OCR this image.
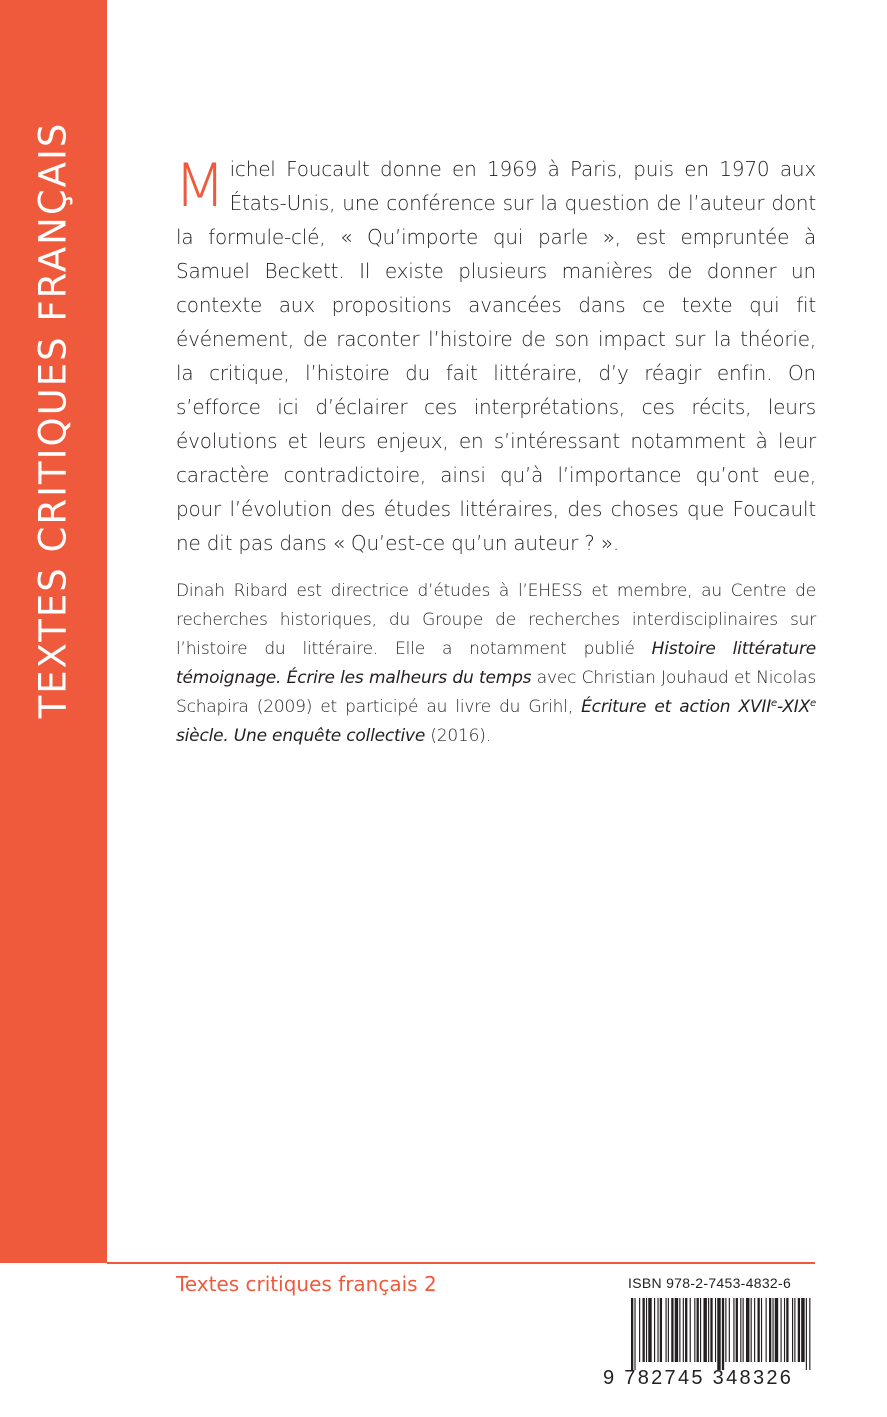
TEXTES CRITIQUES FRANÇAIS Michel Foucault donne en 1969 à Paris, puis en 1970 aux États-Unis, une conférence sur la question de l’auteur dont la formule-clé, « Qu’importe qui parle », est empruntée à Samuel Beckett. Il existe plusieurs manières de donner un contexte aux propositions avancées dans ce texte qui fit événement, de raconter l’histoire de son impact sur la théorie, la critique, l’histoire du fait littéraire, d’y réagir enfin. On s’efforce ici d’éclairer ces interprétations, ces récits, leurs évolutions et leurs enjeux, en s’intéressant notamment à leur caractère contradictoire, ainsi qu’à l’importance qu’ont eue, pour l’évolution des études littéraires, des choses que Foucault ne dit pas dans « Qu’est-ce qu’un auteur ? ».
Dinah Ribard est directrice d’études à l’EHESS et membre, au Centre de recherches historiques, du Groupe de recherches interdisciplinaires sur l’histoire du littéraire. Elle a notamment publié Histoire littérature témoignage. Écrire les malheurs du temps avec Christian Jouhaud et Nicolas Schapira (2009) et participé au livre du Grihl, Écriture et action XVIIe-XIXe siècle. Une enquête collective (2016).
Textes critiques français 2	ISBN 978-2-7453-4832-6
9 782745 348326
